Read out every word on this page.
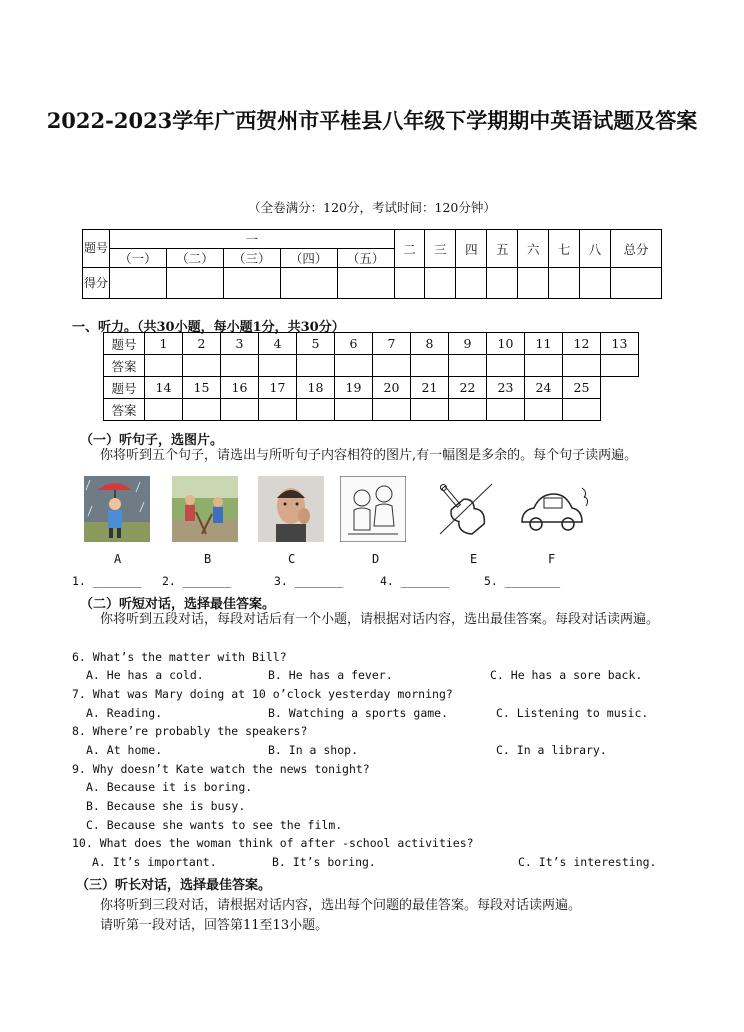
2022-2023学年广西贺州市平桂县八年级下学期期中英语试题及答案
（全卷满分：120分，考试时间：120分钟）
题号	一					二	三	四	五	六	七	八	总分
	（一）	（二）	（三）	（四）	（五）								
得分													
一、听力。（共30小题，每小题1分，共30分）
题号	1	2	3	4	5	6	7	8	9	10	11	12	13
答案													
题号	14	15	16	17	18	19	20	21	22	23	24	25	
答案													
（一）听句子，选图片。
你将听到五个句子，请选出与所听句子内容相符的图片,有一幅图是多余的。每个句子读两遍。
A	B	C	D	E	F
1. _______ 2. _______	3. _______	4. _______	5. ________
（二）听短对话，选择最佳答案。
你将听到五段对话，每段对话后有一个小题，请根据对话内容，选出最佳答案。每段对话读两遍。
6. What’s the matter with Bill?
A. He has a cold.	B. He has a fever.	C. He has a sore back.
7. What was Mary doing at 10 o’clock yesterday morning?
A. Reading.	B. Watching a sports game.	C. Listening to music.
8. Where’re probably the speakers?
A. At home.	B. In a shop.	C. In a library.
9. Why doesn’t Kate watch the news tonight?
A. Because it is boring.
B. Because she is busy.
C. Because she wants to see the film.
10. What does the woman think of after -school activities?
A. It’s important.	B. It’s boring.	C. It’s interesting.
（三）听长对话，选择最佳答案。
你将听到三段对话，请根据对话内容，选出每个问题的最佳答案。每段对话读两遍。
请听第一段对话，回答第11至13小题。
